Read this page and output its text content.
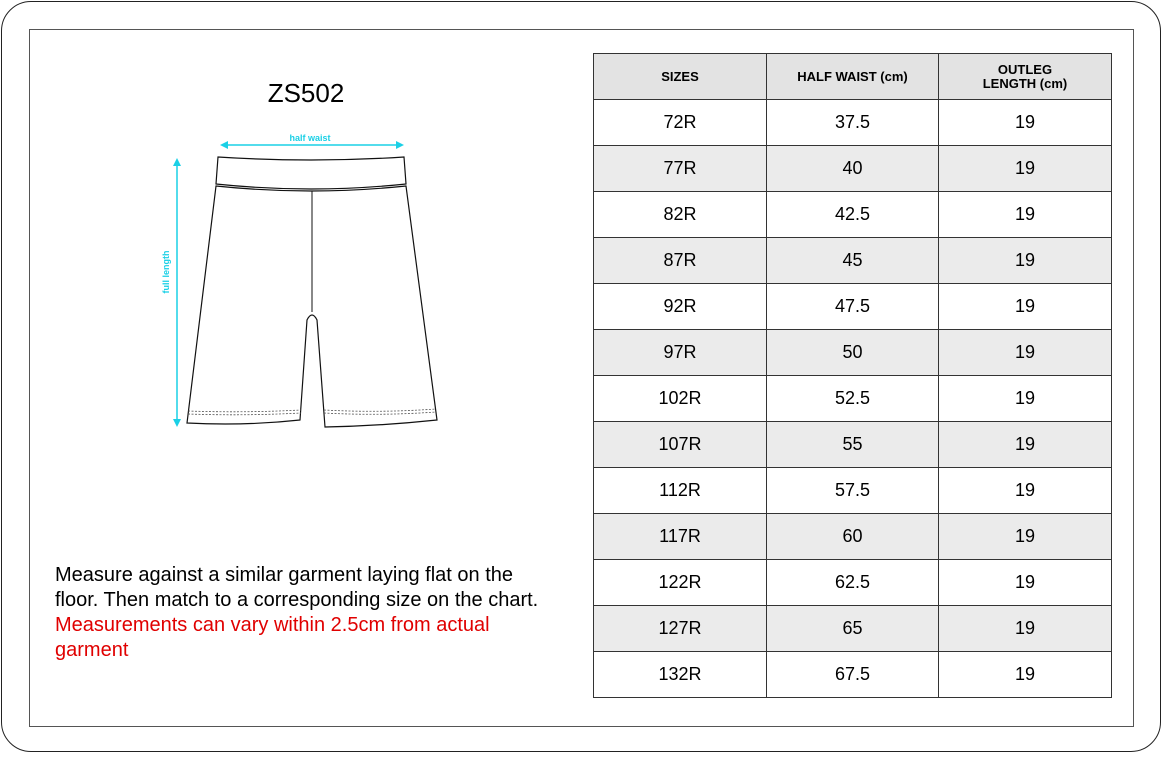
ZS502
half waist
full length
Measure against a similar garment laying flat on the floor. Then match to a corresponding size on the chart.
Measurements can vary within 2.5cm from actual garment
SIZES	HALF WAIST (cm)	OUTLEG
LENGTH (cm)
72R	37.5	19
77R	40	19
82R	42.5	19
87R	45	19
92R	47.5	19
97R	50	19
102R	52.5	19
107R	55	19
112R	57.5	19
117R	60	19
122R	62.5	19
127R	65	19
132R	67.5	19
